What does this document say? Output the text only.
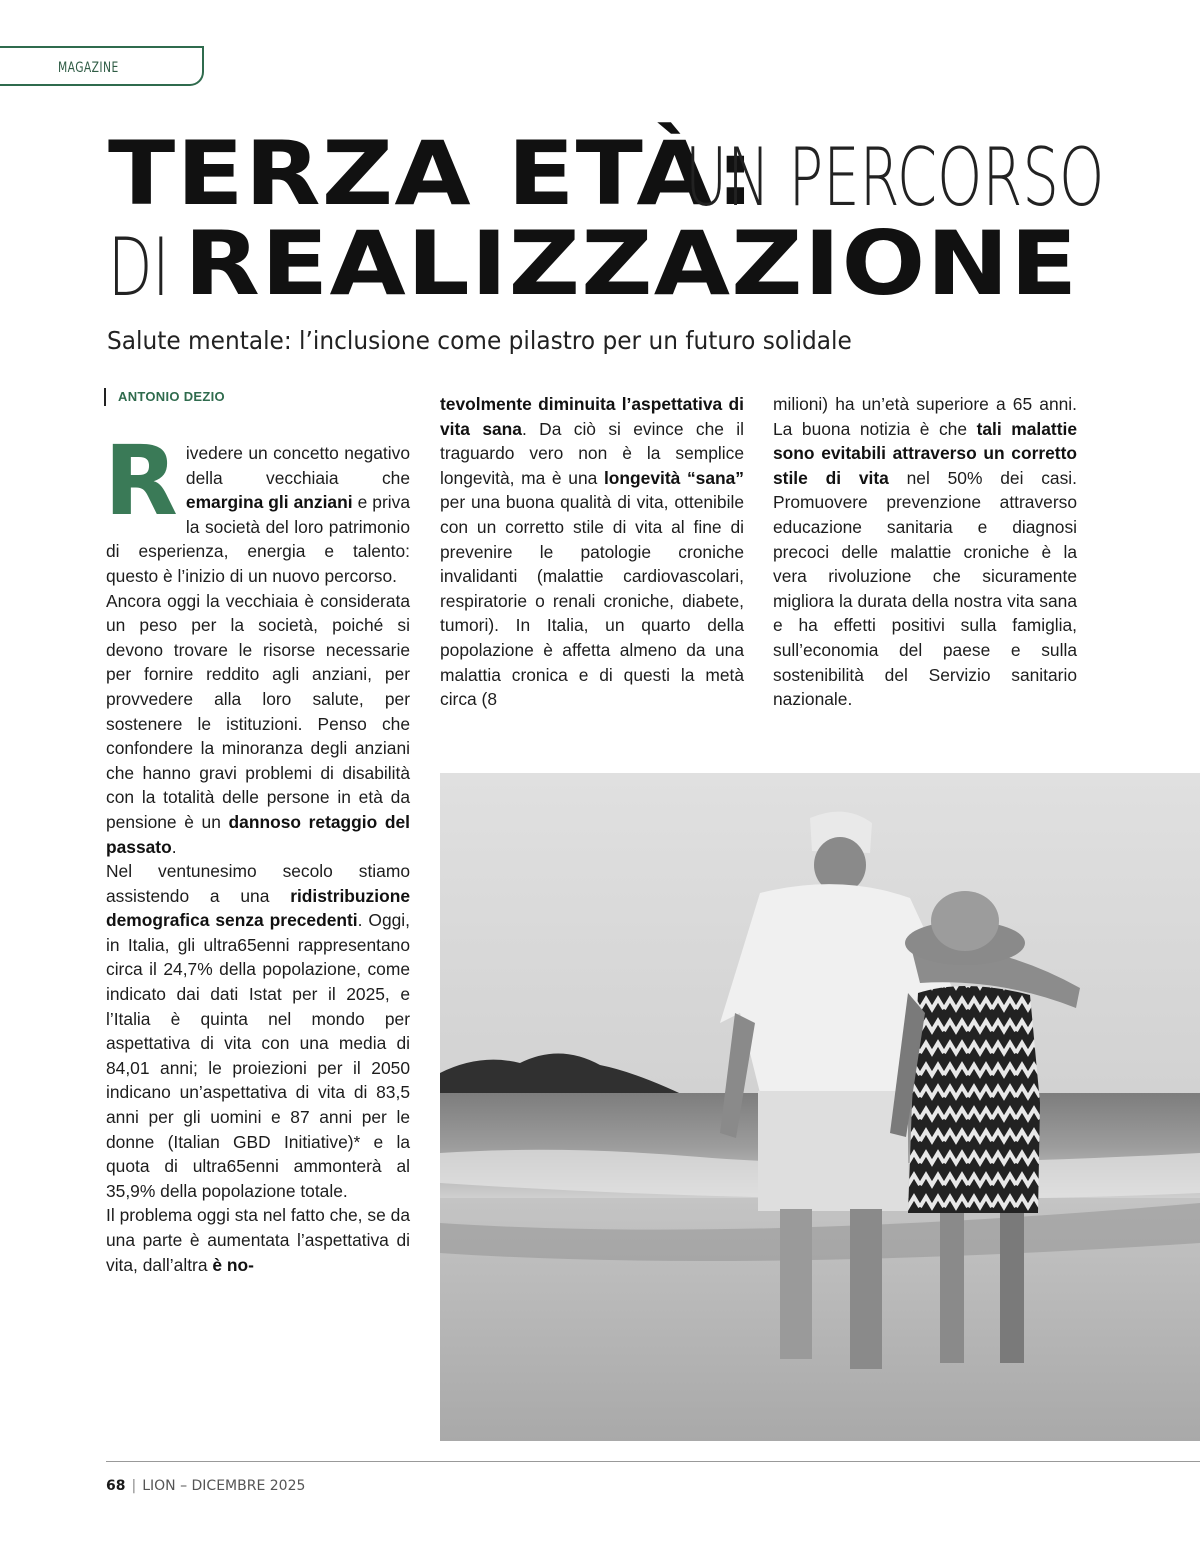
MAGAZINE
TERZA ETÀ:
UN PERCORSO
DI REALIZZAZIONE
Salute mentale: l’inclusione come pilastro per un futuro solidale
ANTONIO DEZIO

Rivedere un concetto negativo della vecchiaia che emargina gli anziani e priva la società del loro patrimonio di esperienza, energia e talento: questo è l’inizio di un nuovo percorso.

Ancora oggi la vecchiaia è considerata un peso per la società, poiché si devono trovare le risorse necessarie per fornire reddito agli anziani, per provvedere alla loro salute, per sostenere le istituzioni. Penso che confondere la minoranza degli anziani che hanno gravi problemi di disabilità con la totalità delle persone in età da pensione è un dannoso retaggio del passato.

Nel ventunesimo secolo stiamo assistendo a una ridistribuzione demografica senza precedenti. Oggi, in Italia, gli ultra65enni rappresentano circa il 24,7% della popolazione, come indicato dai dati Istat per il 2025, e l’Italia è quinta nel mondo per aspettativa di vita con una media di 84,01 anni; le proiezioni per il 2050 indicano un’aspettativa di vita di 83,5 anni per gli uomini e 87 anni per le donne (Italian GBD Initiative)* e la quota di ultra65enni ammonterà al 35,9% della popolazione totale.

Il problema oggi sta nel fatto che, se da una parte è aumentata l’aspettativa di vita, dall’altra è no-

tevolmente diminuita l’aspettativa di vita sana. Da ciò si evince che il traguardo vero non è la semplice longevità, ma è una longevità “sana” per una buona qualità di vita, ottenibile con un corretto stile di vita al fine di prevenire le patologie croniche invalidanti (malattie cardiovascolari, respiratorie o renali croniche, diabete, tumori). In Italia, un quarto della popolazione è affetta almeno da una malattia cronica e di questi la metà circa (8

milioni) ha un’età superiore a 65 anni. La buona notizia è che tali malattie sono evitabili attraverso un corretto stile di vita nel 50% dei casi. Promuovere prevenzione attraverso educazione sanitaria e diagnosi precoci delle malattie croniche è la vera rivoluzione che sicuramente migliora la durata della nostra vita sana e ha effetti positivi sulla famiglia, sull’economia del paese e sulla sostenibilità del Servizio sanitario nazionale.

68 | LION – DICEMBRE 2025
